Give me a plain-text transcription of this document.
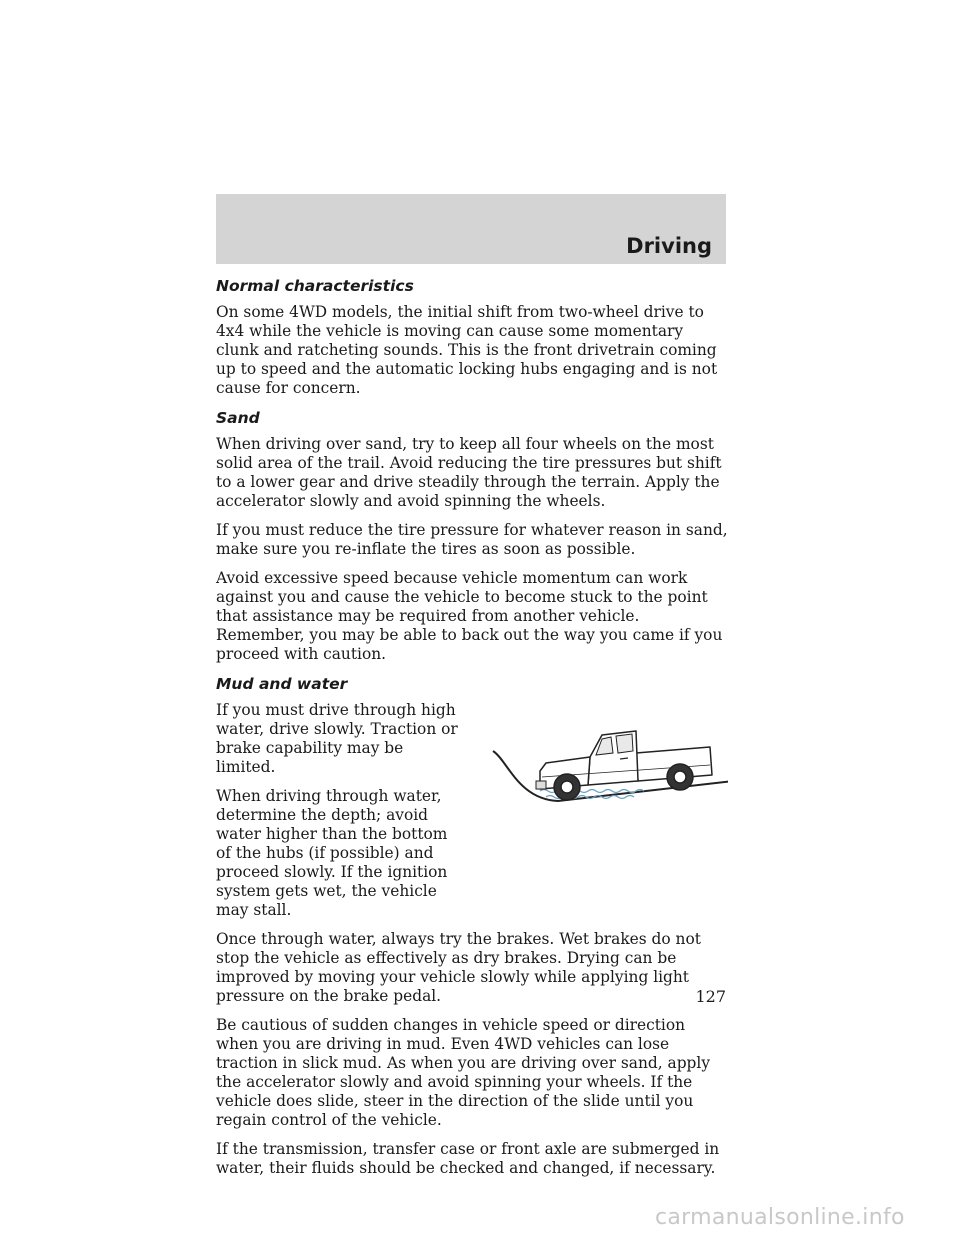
Driving
Normal characteristics

On some 4WD models, the initial shift from two-wheel drive to 4x4 while the vehicle is moving can cause some momentary clunk and ratcheting sounds. This is the front drivetrain coming up to speed and the automatic locking hubs engaging and is not cause for concern.

Sand

When driving over sand, try to keep all four wheels on the most solid area of the trail. Avoid reducing the tire pressures but shift to a lower gear and drive steadily through the terrain. Apply the accelerator slowly and avoid spinning the wheels.

If you must reduce the tire pressure for whatever reason in sand, make sure you re-inflate the tires as soon as possible.

Avoid excessive speed because vehicle momentum can work against you and cause the vehicle to become stuck to the point that assistance may be required from another vehicle. Remember, you may be able to back out the way you came if you proceed with caution.

Mud and water

If you must drive through high water, drive slowly. Traction or brake capability may be limited.

When driving through water, determine the depth; avoid water higher than the bottom of the hubs (if possible) and proceed slowly. If the ignition system gets wet, the vehicle may stall.

Once through water, always try the brakes. Wet brakes do not stop the vehicle as effectively as dry brakes. Drying can be improved by moving your vehicle slowly while applying light pressure on the brake pedal.

Be cautious of sudden changes in vehicle speed or direction when you are driving in mud. Even 4WD vehicles can lose traction in slick mud. As when you are driving over sand, apply the accelerator slowly and avoid spinning your wheels. If the vehicle does slide, steer in the direction of the slide until you regain control of the vehicle.

If the transmission, transfer case or front axle are submerged in water, their fluids should be checked and changed, if necessary.

127
carmanualsonline.info
